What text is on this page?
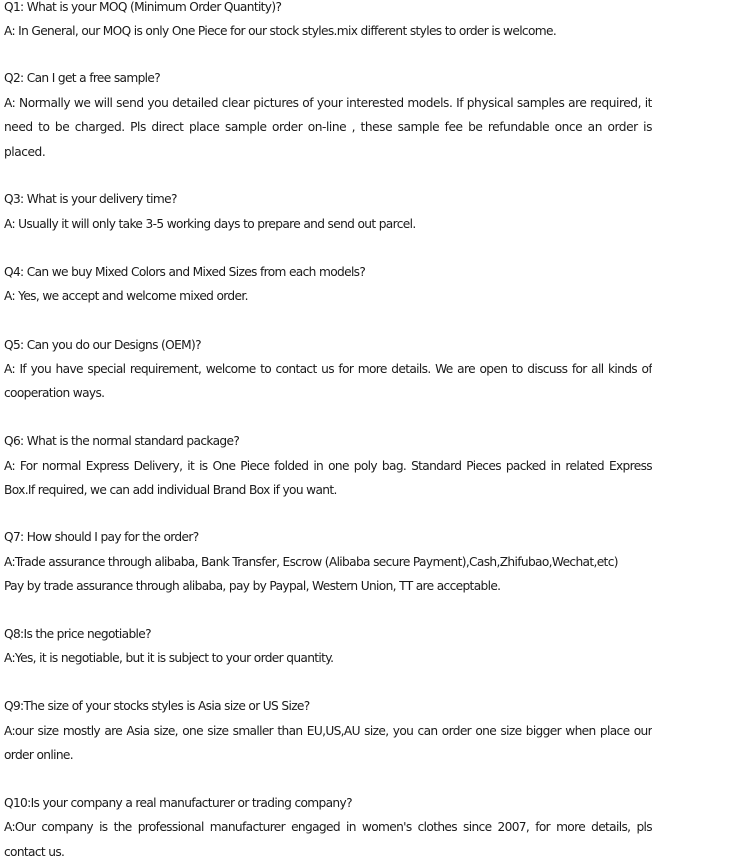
Q1: What is your MOQ (Minimum Order Quantity)?
A: In General, our MOQ is only One Piece for our stock styles.mix different styles to order is welcome.
Q2: Can I get a free sample?
A: Normally we will send you detailed clear pictures of your interested models. If physical samples are required, it
need to be charged. Pls direct place sample order on-line , these sample fee be refundable once an order is
placed.
Q3: What is your delivery time?
A: Usually it will only take 3-5 working days to prepare and send out parcel.
Q4: Can we buy Mixed Colors and Mixed Sizes from each models?
A: Yes, we accept and welcome mixed order.
Q5: Can you do our Designs (OEM)?
A: If you have special requirement, welcome to contact us for more details. We are open to discuss for all kinds of
cooperation ways.
Q6: What is the normal standard package?
A: For normal Express Delivery, it is One Piece folded in one poly bag. Standard Pieces packed in related Express
Box.If required, we can add individual Brand Box if you want.
Q7: How should I pay for the order?
A:Trade assurance through alibaba, Bank Transfer, Escrow (Alibaba secure Payment),Cash,Zhifubao,Wechat,etc)
Pay by trade assurance through alibaba, pay by Paypal, Western Union, TT are acceptable.
Q8:Is the price negotiable?
A:Yes, it is negotiable, but it is subject to your order quantity.
Q9:The size of your stocks styles is Asia size or US Size?
A:our size mostly are Asia size, one size smaller than EU,US,AU size, you can order one size bigger when place our
order online.
Q10:Is your company a real manufacturer or trading company?
A:Our company is the professional manufacturer engaged in women's clothes since 2007, for more details, pls
contact us.
